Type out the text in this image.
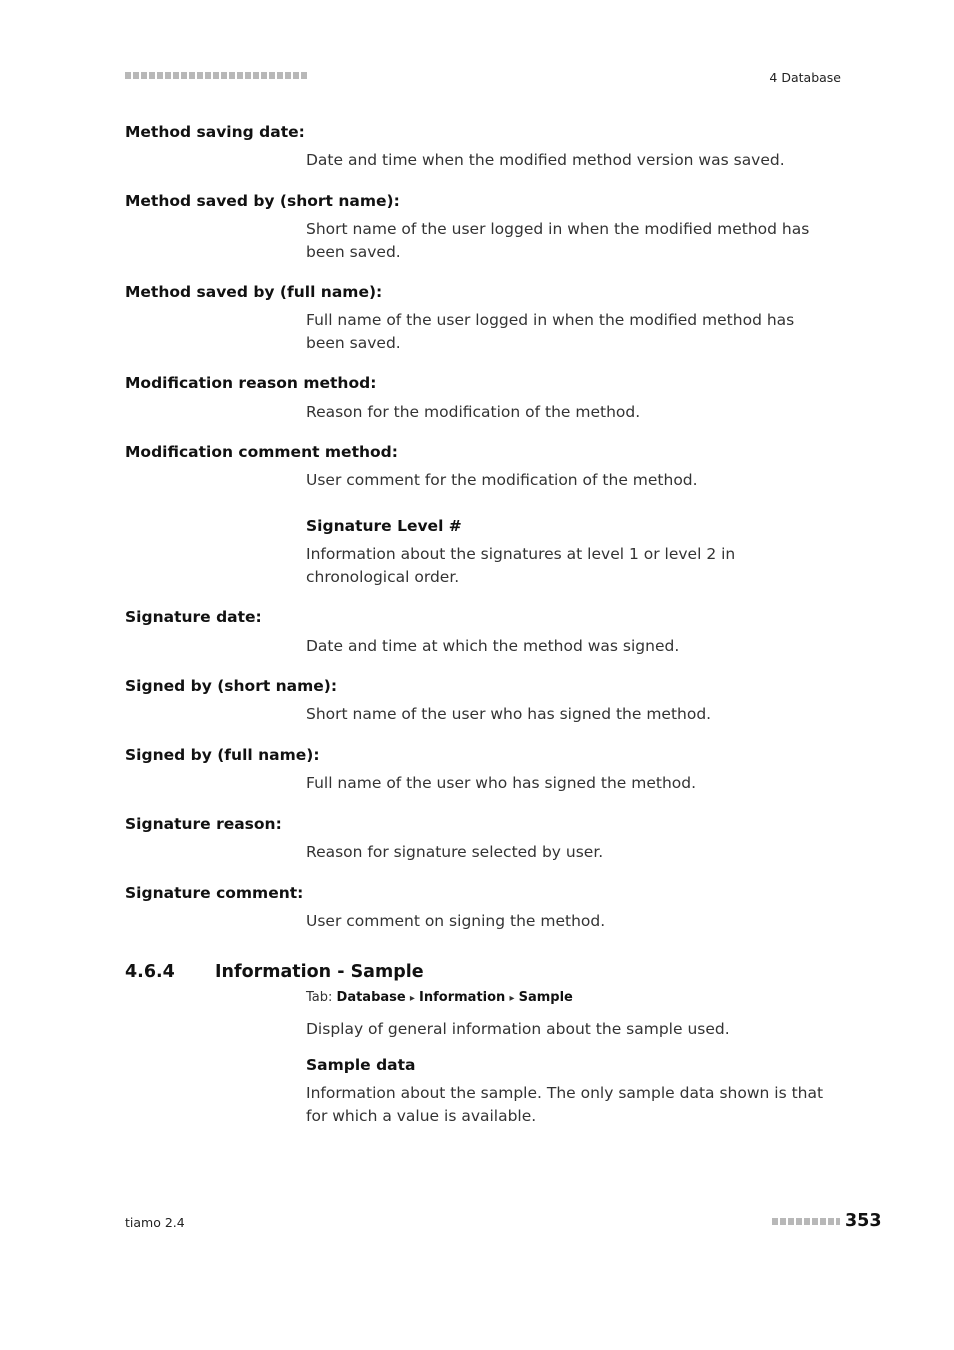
4 Database
Method saving date:
Date and time when the modified method version was saved.
Method saved by (short name):
Short name of the user logged in when the modified method has been saved.
Method saved by (full name):
Full name of the user logged in when the modified method has been saved.
Modification reason method:
Reason for the modification of the method.
Modification comment method:
User comment for the modification of the method.
Signature Level #
Information about the signatures at level 1 or level 2 in chronological order.
Signature date:
Date and time at which the method was signed.
Signed by (short name):
Short name of the user who has signed the method.
Signed by (full name):
Full name of the user who has signed the method.
Signature reason:
Reason for signature selected by user.
Signature comment:
User comment on signing the method.
4.6.4 Information - Sample
Tab: Database ▸ Information ▸ Sample
Display of general information about the sample used.
Sample data
Information about the sample. The only sample data shown is that for which a value is available.
tiamo 2.4	353
